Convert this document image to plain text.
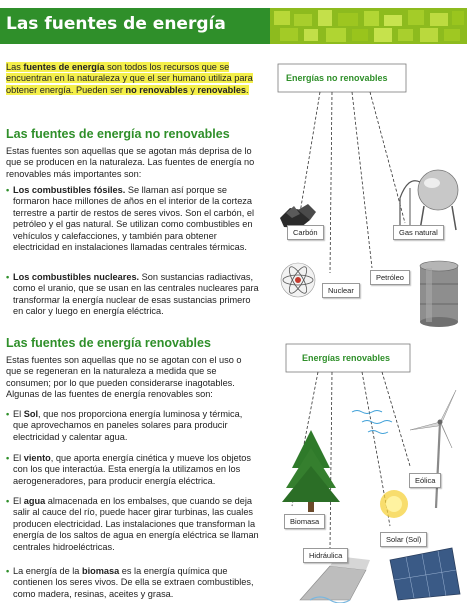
Las fuentes de energía
Las fuentes de energía son todos los recursos que se encuentran en la naturaleza y que el ser humano utiliza para obtener energía. Pueden ser no renovables y renovables.
Las fuentes de energía no renovables
Estas fuentes son aquellas que se agotan más deprisa de lo que se producen en la naturaleza. Las fuentes de energía no renovables más importantes son:
• Los combustibles fósiles. Se llaman así porque se formaron hace millones de años en el interior de la corteza terrestre a partir de restos de seres vivos. Son el carbón, el petróleo y el gas natural. Se utilizan como combustibles en vehículos y calefacciones, y también para obtener electricidad en instalaciones llamadas centrales térmicas.
• Los combustibles nucleares. Son sustancias radiactivas, como el uranio, que se usan en las centrales nucleares para transformar la energía nuclear de esas sustancias primero en calor y luego en energía eléctrica.
Las fuentes de energía renovables
Estas fuentes son aquellas que no se agotan con el uso o que se regeneran en la naturaleza a medida que se consumen; por lo que pueden considerarse inagotables. Algunas de las fuentes de energía renovables son:
• El Sol, que nos proporciona energía luminosa y térmica, que aprovechamos en paneles solares para producir electricidad y calentar agua.
• El viento, que aporta energía cinética y mueve los objetos con los que interactúa. Esta energía la utilizamos en los aerogeneradores, para producir energía eléctrica.
• El agua almacenada en los embalses, que cuando se deja salir al cauce del río, puede hacer girar turbinas, las cuales producen electricidad. Las instalaciones que transforman la energía de los saltos de agua en energía eléctrica se llaman centrales hidroeléctricas.
• La energía de la biomasa es la energía química que contienen los seres vivos. De ella se extraen combustibles, como madera, resinas, aceites y grasa.
Energías no renovables
Carbón	Gas natural
Nuclear
Petróleo
Energías renovables
Eólica
Biomasa
Solar (Sol)
Hidráulica
